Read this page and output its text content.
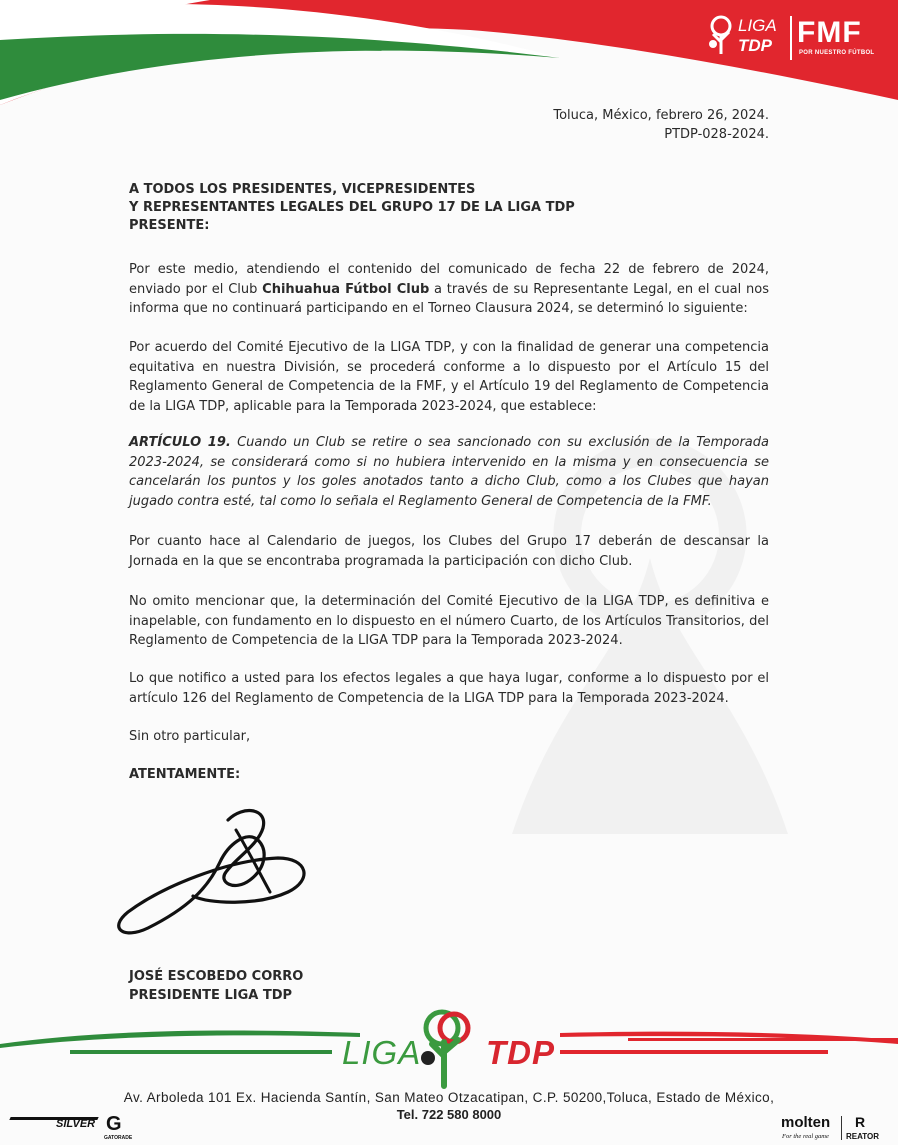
LIGA
TDP FMF
POR NUESTRO FÚTBOL
Toluca, México, febrero 26, 2024.
PTDP-028-2024.
A TODOS LOS PRESIDENTES, VICEPRESIDENTES
Y REPRESENTANTES LEGALES DEL GRUPO 17 DE LA LIGA TDP
PRESENTE:
Por este medio, atendiendo el contenido del comunicado de fecha 22 de febrero de 2024, enviado por el Club Chihuahua Fútbol Club a través de su Representante Legal, en el cual nos informa que no continuará participando en el Torneo Clausura 2024, se determinó lo siguiente:
Por acuerdo del Comité Ejecutivo de la LIGA TDP, y con la finalidad de generar una competencia equitativa en nuestra División, se procederá conforme a lo dispuesto por el Artículo 15 del Reglamento General de Competencia de la FMF, y el Artículo 19 del Reglamento de Competencia de la LIGA TDP, aplicable para la Temporada 2023-2024, que establece:
ARTÍCULO 19. Cuando un Club se retire o sea sancionado con su exclusión de la Temporada 2023-2024, se considerará como si no hubiera intervenido en la misma y en consecuencia se cancelarán los puntos y los goles anotados tanto a dicho Club, como a los Clubes que hayan jugado contra esté, tal como lo señala el Reglamento General de Competencia de la FMF.
Por cuanto hace al Calendario de juegos, los Clubes del Grupo 17 deberán de descansar la Jornada en la que se encontraba programada la participación con dicho Club.
No omito mencionar que, la determinación del Comité Ejecutivo de la LIGA TDP, es definitiva e inapelable, con fundamento en lo dispuesto en el número Cuarto, de los Artículos Transitorios, del Reglamento de Competencia de la LIGA TDP para la Temporada 2023-2024.
Lo que notifico a usted para los efectos legales a que haya lugar, conforme a lo dispuesto por el artículo 126 del Reglamento de Competencia de la LIGA TDP para la Temporada 2023-2024.
Sin otro particular,
ATENTAMENTE:
JOSÉ ESCOBEDO CORRO
PRESIDENTE LIGA TDP
LIGA TDP
Av. Arboleda 101 Ex. Hacienda Santín, San Mateo Otzacatipan, C.P. 50200,Toluca, Estado de México,
Tel. 722 580 8000
SILVER G
GATORADE
molten
For the real game
R
REATOR
